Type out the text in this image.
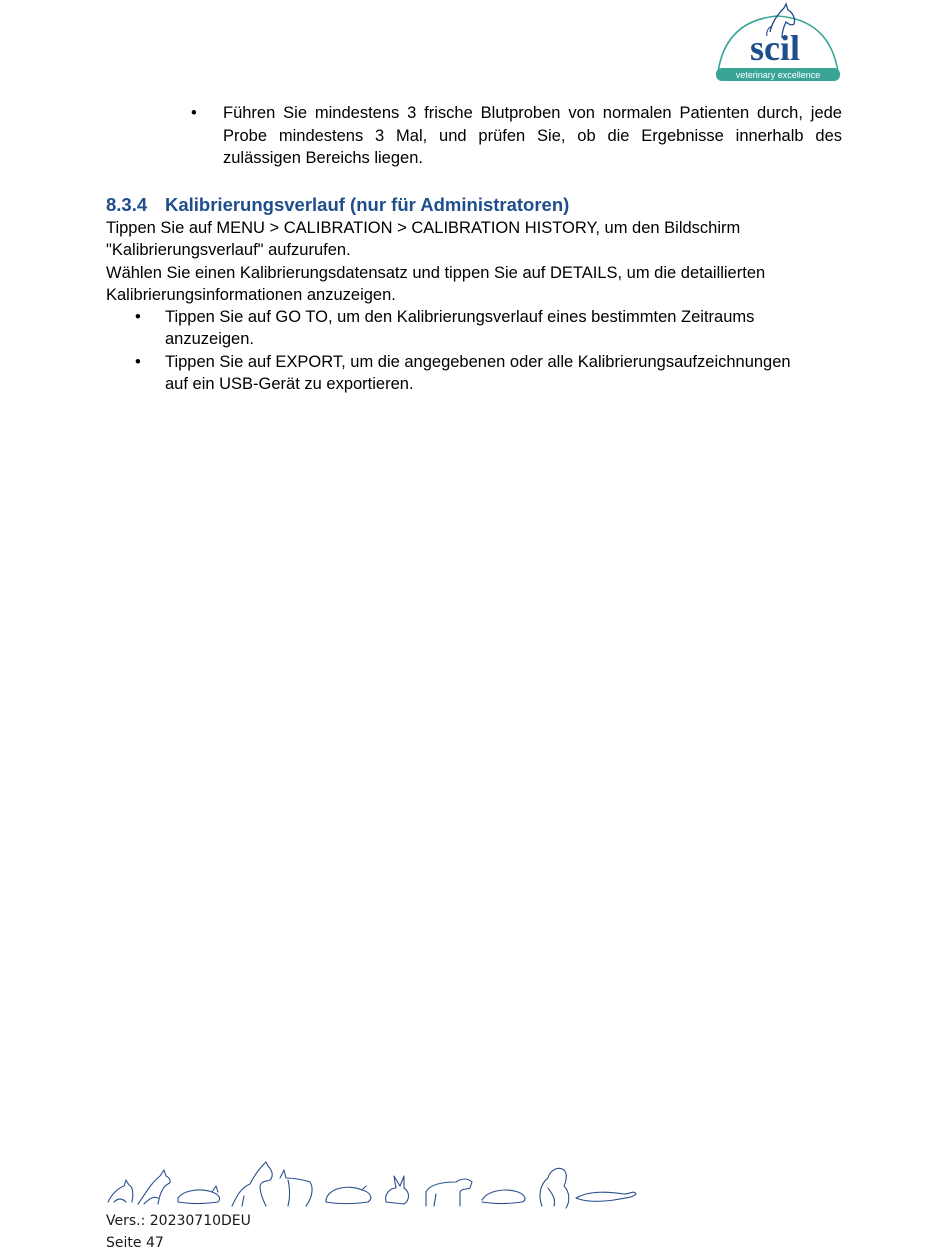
scil
veterinary excellence
• Führen Sie mindestens 3 frische Blutproben von normalen Patienten durch, jede Probe mindestens 3 Mal, und prüfen Sie, ob die Ergebnisse innerhalb des zulässigen Bereichs liegen.
8.3.4 Kalibrierungsverlauf (nur für Administratoren)

Tippen Sie auf MENU > CALIBRATION > CALIBRATION HISTORY, um den Bildschirm "Kalibrierungsverlauf" aufzurufen.

Wählen Sie einen Kalibrierungsdatensatz und tippen Sie auf DETAILS, um die detaillierten Kalibrierungsinformationen anzuzeigen.

• Tippen Sie auf GO TO, um den Kalibrierungsverlauf eines bestimmten Zeitraums anzuzeigen.
• Tippen Sie auf EXPORT, um die angegebenen oder alle Kalibrierungsaufzeichnungen auf ein USB-Gerät zu exportieren.
Vers.: 20230710DEU
Seite 47
